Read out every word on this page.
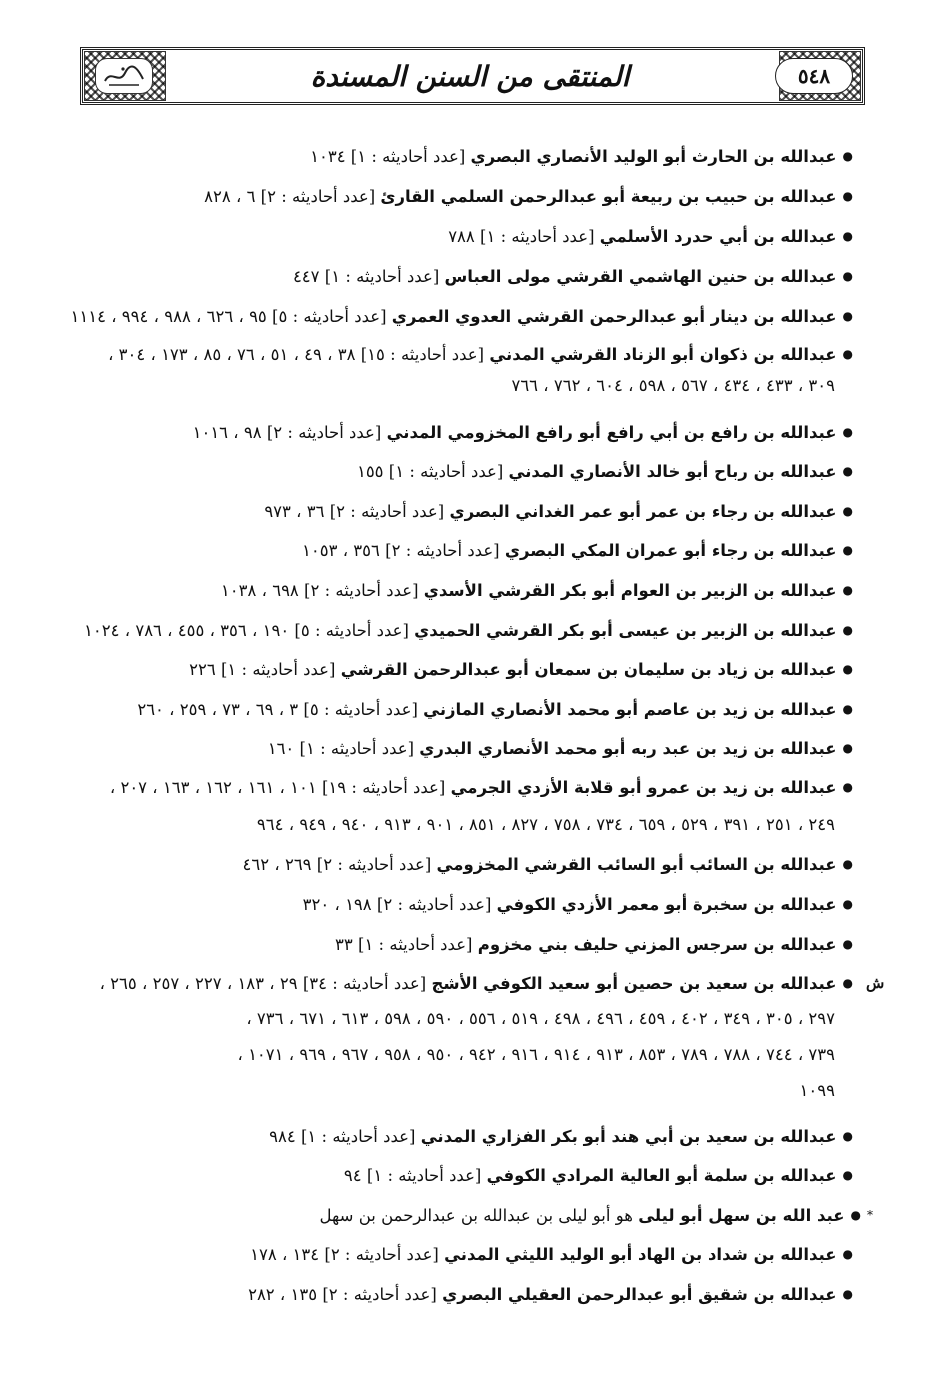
٥٤٨
المنتقى من السنن المسندة
●عبدالله بن الحارث أبو الوليد الأنصاري البصري [عدد أحاديثه : ١] ١٠٣٤
●عبدالله بن حبيب بن ربيعة أبو عبدالرحمن السلمي القارئ [عدد أحاديثه : ٢] ٦ ، ٨٢٨
●عبدالله بن أبي حدرد الأسلمي [عدد أحاديثه : ١] ٧٨٨
●عبدالله بن حنين الهاشمي القرشي مولى العباس [عدد أحاديثه : ١] ٤٤٧
●عبدالله بن دينار أبو عبدالرحمن القرشي العدوي العمري [عدد أحاديثه : ٥] ٩٥ ، ٦٢٦ ، ٩٨٨ ، ٩٩٤ ، ١١١٤
●عبدالله بن ذكوان أبو الزناد القرشي المدني [عدد أحاديثه : ١٥] ٣٨ ، ٤٩ ، ٥١ ، ٧٦ ، ٨٥ ، ١٧٣ ، ٣٠٤ ،
٣٠٩ ، ٤٣٣ ، ٤٣٤ ، ٥٦٧ ، ٥٩٨ ، ٦٠٤ ، ٧٦٢ ، ٧٦٦
●عبدالله بن رافع بن أبي رافع أبو رافع المخزومي المدني [عدد أحاديثه : ٢] ٩٨ ، ١٠١٦
●عبدالله بن رباح أبو خالد الأنصاري المدني [عدد أحاديثه : ١] ١٥٥
●عبدالله بن رجاء بن عمر أبو عمر الغداني البصري [عدد أحاديثه : ٢] ٣٦ ، ٩٧٣
●عبدالله بن رجاء أبو عمران المكي البصري [عدد أحاديثه : ٢] ٣٥٦ ، ١٠٥٣
●عبدالله بن الزبير بن العوام أبو بكر القرشي الأسدي [عدد أحاديثه : ٢] ٦٩٨ ، ١٠٣٨
●عبدالله بن الزبير بن عيسى أبو بكر القرشي الحميدي [عدد أحاديثه : ٥] ١٩٠ ، ٣٥٦ ، ٤٥٥ ، ٧٨٦ ، ١٠٢٤
●عبدالله بن زياد بن سليمان بن سمعان أبو عبدالرحمن القرشي [عدد أحاديثه : ١] ٢٢٦
●عبدالله بن زيد بن عاصم أبو محمد الأنصاري المازني [عدد أحاديثه : ٥] ٣ ، ٦٩ ، ٧٣ ، ٢٥٩ ، ٢٦٠
●عبدالله بن زيد بن عبد ربه أبو محمد الأنصاري البدري [عدد أحاديثه : ١] ١٦٠
●عبدالله بن زيد بن عمرو أبو قلابة الأزدي الجرمي [عدد أحاديثه : ١٩] ١٠١ ، ١٦١ ، ١٦٢ ، ١٦٣ ، ٢٠٧ ،
٢٤٩ ، ٢٥١ ، ٣٩١ ، ٥٢٩ ، ٦٥٩ ، ٧٣٤ ، ٧٥٨ ، ٨٢٧ ، ٨٥١ ، ٩٠١ ، ٩١٣ ، ٩٤٠ ، ٩٤٩ ، ٩٦٤
●عبدالله بن السائب أبو السائب القرشي المخزومي [عدد أحاديثه : ٢] ٢٦٩ ، ٤٦٢
●عبدالله بن سخبرة أبو معمر الأزدي الكوفي [عدد أحاديثه : ٢] ١٩٨ ، ٣٢٠
●عبدالله بن سرجس المزني حليف بني مخزوم [عدد أحاديثه : ١] ٣٣
ش
●عبدالله بن سعيد بن حصين أبو سعيد الكوفي الأشج [عدد أحاديثه : ٣٤] ٢٩ ، ١٨٣ ، ٢٢٧ ، ٢٥٧ ، ٢٦٥ ،
٢٩٧ ، ٣٠٥ ، ٣٤٩ ، ٤٠٢ ، ٤٥٩ ، ٤٩٦ ، ٤٩٨ ، ٥١٩ ، ٥٥٦ ، ٥٩٠ ، ٥٩٨ ، ٦١٣ ، ٦٧١ ، ٧٣٦ ،
٧٣٩ ، ٧٤٤ ، ٧٨٨ ، ٧٨٩ ، ٨٥٣ ، ٩١٣ ، ٩١٤ ، ٩١٦ ، ٩٤٢ ، ٩٥٠ ، ٩٥٨ ، ٩٦٧ ، ٩٦٩ ، ١٠٧١ ،
١٠٩٩
●عبدالله بن سعيد بن أبي هند أبو بكر الفزاري المدني [عدد أحاديثه : ١] ٩٨٤
●عبدالله بن سلمة أبو العالية المرادي الكوفي [عدد أحاديثه : ١] ٩٤
*●عبد الله بن سهل أبو ليلى هو أبو ليلى بن عبدالله بن عبدالرحمن بن سهل
●عبدالله بن شداد بن الهاد أبو الوليد الليثي المدني [عدد أحاديثه : ٢] ١٣٤ ، ١٧٨
●عبدالله بن شقيق أبو عبدالرحمن العقيلي البصري [عدد أحاديثه : ٢] ١٣٥ ، ٢٨٢
